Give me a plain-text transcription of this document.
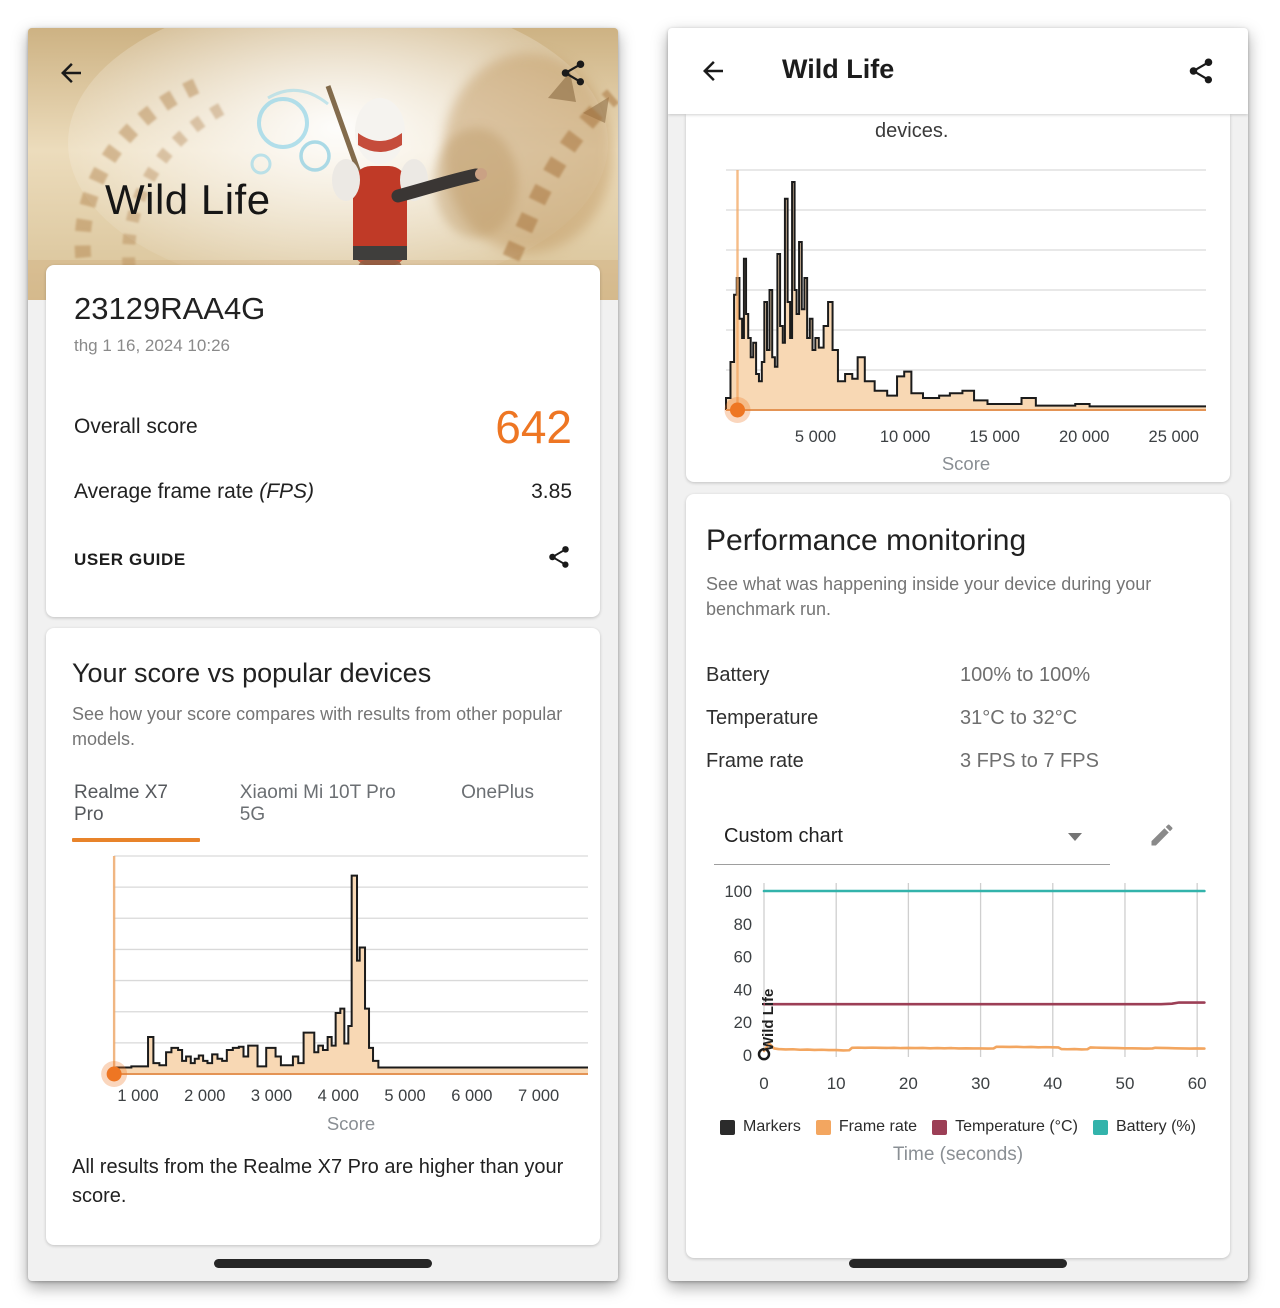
Wild Life
23129RAA4G
thg 1 16, 2024 10:26
Overall score	642
Average frame rate (FPS)	3.85
USER GUIDE
Your score vs popular devices
See how your score compares with results from other popular models.
Realme X7 Pro
Xiaomi Mi 10T Pro 5G
OnePlus
1 000 2 000 3 000 4 000 5 000 6 000 7 000
Score
All results from the Realme X7 Pro are higher than your score.
Wild Life
devices.
5 000	10 000 15 000 20 000 25 000
Score
Performance monitoring
See what was happening inside your device during your benchmark run.
Battery	100% to 100%
Temperature	31°C to 32°C
Frame rate	3 FPS to 7 FPS
Custom chart
0	10	20	30	40	50	60
0
20
40
60
80
100
Wild Life
Markers Frame rate Temperature (°C) Battery (%)
Time (seconds)
